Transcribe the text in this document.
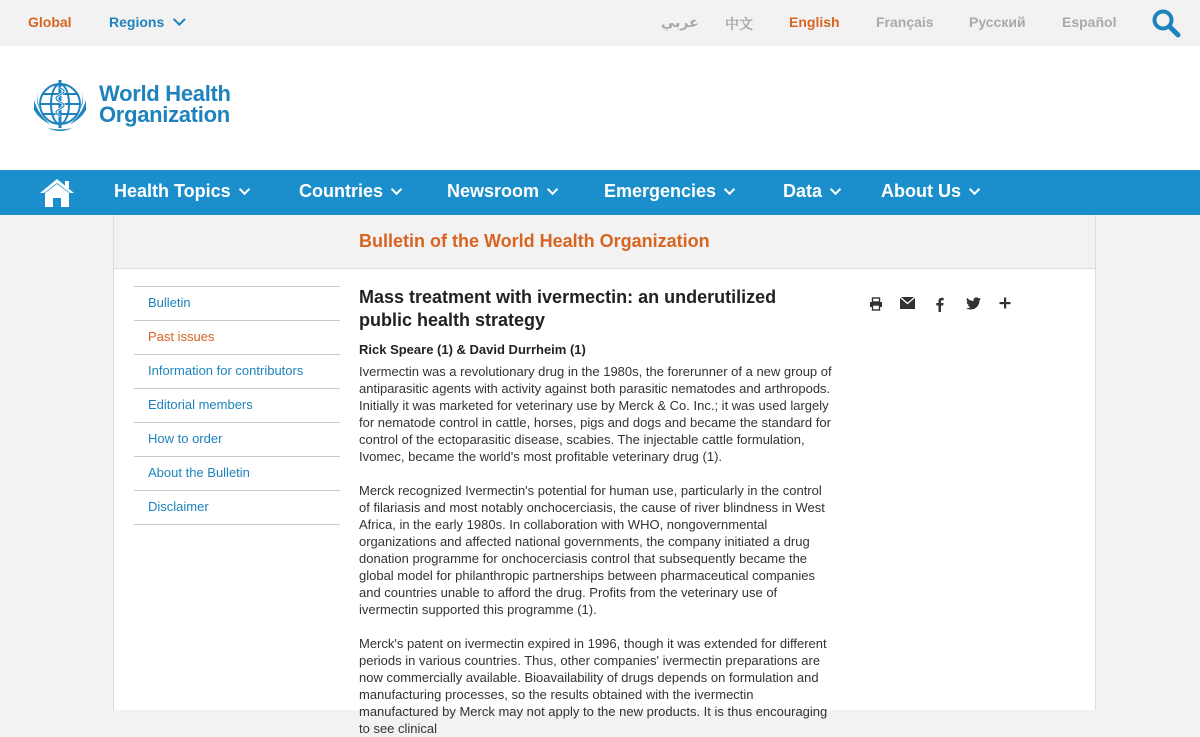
Global	Regions	عربي 中文	English	Français	Русский	Español
World Health
Organization
Health Topics	Countries	Newsroom	Emergencies	Data	About Us
Bulletin of the World Health Organization
Bulletin
Past issues
Information for contributors
Editorial members
How to order
About the Bulletin
Disclaimer
Mass treatment with ivermectin: an underutilized public health strategy
Rick Speare (1) & David Durrheim (1)

Ivermectin was a revolutionary drug in the 1980s, the forerunner of a new group of antiparasitic agents with activity against both parasitic nematodes and arthropods. Initially it was marketed for veterinary use by Merck & Co. Inc.; it was used largely for nematode control in cattle, horses, pigs and dogs and became the standard for control of the ectoparasitic disease, scabies. The injectable cattle formulation, Ivomec, became the world's most profitable veterinary drug (1).

Merck recognized Ivermectin's potential for human use, particularly in the control of filariasis and most notably onchocerciasis, the cause of river blindness in West Africa, in the early 1980s. In collaboration with WHO, nongovernmental organizations and affected national governments, the company initiated a drug donation programme for onchocerciasis control that subsequently became the global model for philanthropic partnerships between pharmaceutical companies and countries unable to afford the drug. Profits from the veterinary use of ivermectin supported this programme (1).

Merck's patent on ivermectin expired in 1996, though it was extended for different periods in various countries. Thus, other companies' ivermectin preparations are now commercially available. Bioavailability of drugs depends on formulation and manufacturing processes, so the results obtained with the ivermectin manufactured by Merck may not apply to the new products. It is thus encouraging to see clinical
